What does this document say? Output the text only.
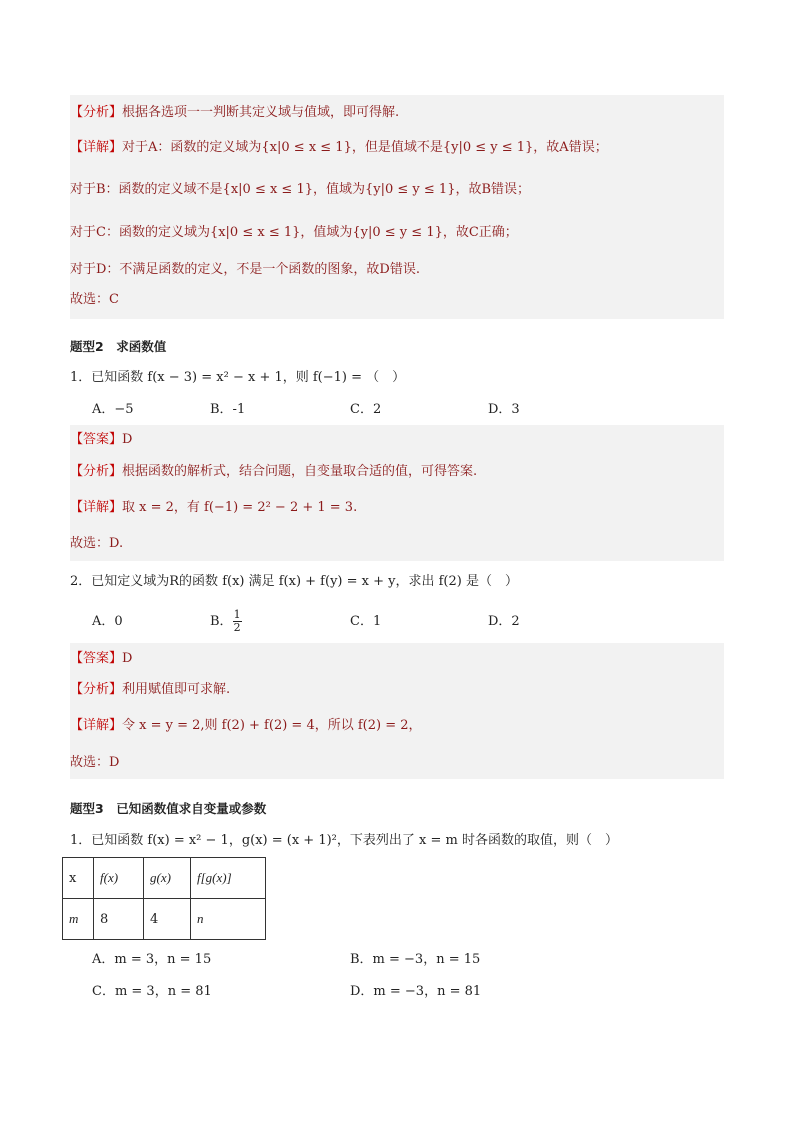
【分析】根据各选项一一判断其定义域与值域，即可得解.
【详解】对于A：函数的定义域为{x|0 ≤ x ≤ 1}，但是值域不是{y|0 ≤ y ≤ 1}，故A错误；
对于B：函数的定义域不是{x|0 ≤ x ≤ 1}，值域为{y|0 ≤ y ≤ 1}，故B错误；
对于C：函数的定义域为{x|0 ≤ x ≤ 1}，值域为{y|0 ≤ y ≤ 1}，故C正确；
对于D：不满足函数的定义，不是一个函数的图象，故D错误.
故选：C
题型2　求函数值
1．已知函数 f(x − 3) = x² − x + 1，则 f(−1) = （　）
A．−5	B．-1	C．2	D．3
【答案】D
【分析】根据函数的解析式，结合问题，自变量取合适的值，可得答案.
【详解】取 x = 2，有 f(−1) = 2² − 2 + 1 = 3.
故选：D.
2．已知定义域为R的函数 f(x) 满足 f(x) + f(y) = x + y，求出 f(2) 是（　）
A．0	B． $\frac{1}{2}$	C．1	D．2
【答案】D
【分析】利用赋值即可求解.
【详解】令 x = y = 2,则 f(2) + f(2) = 4，所以 f(2) = 2，
故选：D
题型3　已知函数值求自变量或参数
1．已知函数 f(x) = x² − 1，g(x) = (x + 1)²，下表列出了 x = m 时各函数的取值，则（　）
x	f(x)	g(x)	f[g(x)]
m	8	4	n
A．m = 3，n = 15	B．m = −3，n = 15
C．m = 3，n = 81	D．m = −3，n = 81
